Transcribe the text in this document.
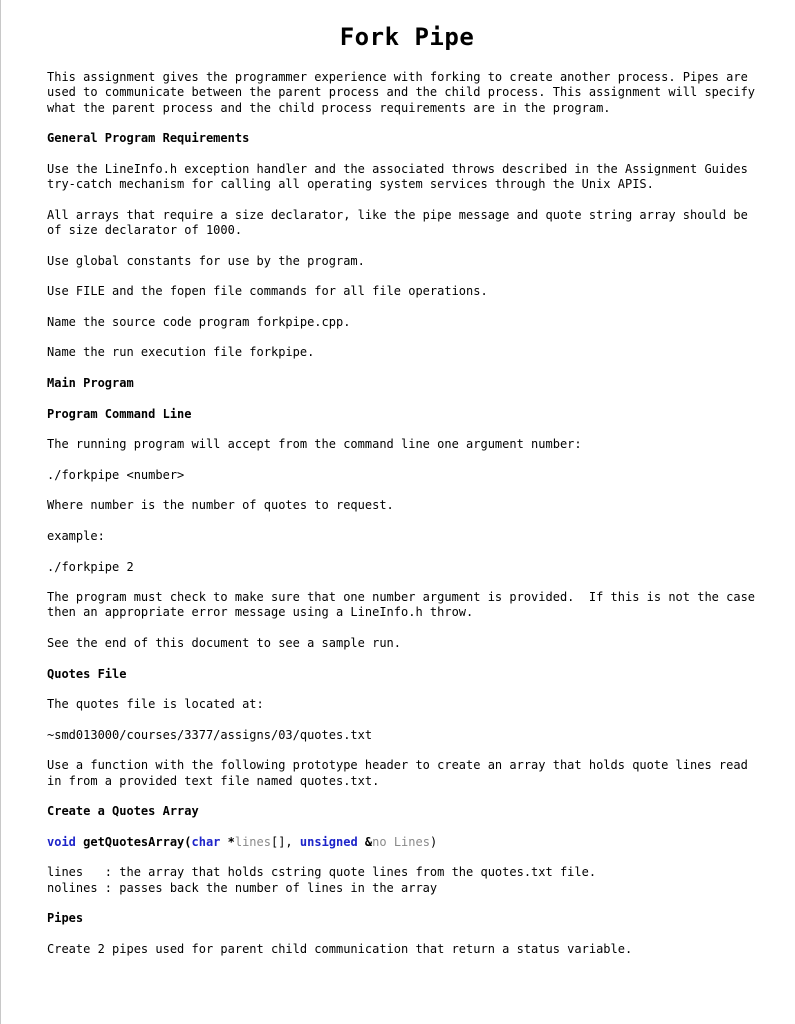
Fork Pipe
This assignment gives the programmer experience with forking to create another process. Pipes are
used to communicate between the parent process and the child process. This assignment will specify
what the parent process and the child process requirements are in the program.
General Program Requirements
Use the LineInfo.h exception handler and the associated throws described in the Assignment Guides
try-catch mechanism for calling all operating system services through the Unix APIS.
All arrays that require a size declarator, like the pipe message and quote string array should be
of size declarator of 1000.
Use global constants for use by the program.
Use FILE and the fopen file commands for all file operations.
Name the source code program forkpipe.cpp.
Name the run execution file forkpipe.
Main Program
Program Command Line
The running program will accept from the command line one argument number:
./forkpipe <number>
Where number is the number of quotes to request.
example:
./forkpipe 2
The program must check to make sure that one number argument is provided.  If this is not the case
then an appropriate error message using a LineInfo.h throw.
See the end of this document to see a sample run.
Quotes File
The quotes file is located at:
~smd013000/courses/3377/assigns/03/quotes.txt
Use a function with the following prototype header to create an array that holds quote lines read
in from a provided text file named quotes.txt.
Create a Quotes Array
void getQuotesArray(char *lines[], unsigned &no Lines)
lines   : the array that holds cstring quote lines from the quotes.txt file.
nolines : passes back the number of lines in the array
Pipes
Create 2 pipes used for parent child communication that return a status variable.
